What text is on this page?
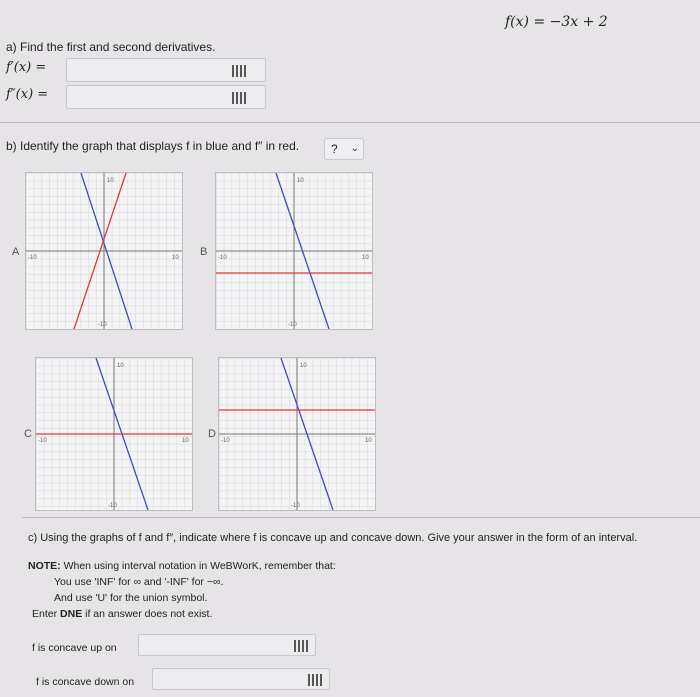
f(x) = −3x + 2
a) Find the first and second derivatives.
f′(x) =
f″(x) =
b) Identify the graph that displays f in blue and f″ in red.	?	⌄
A	B
C	D
10
-10	10
-10
10
-10	10
-10
10
-10	10
-10
10
-10	10
-10
c) Using the graphs of f and f″, indicate where f is concave up and concave down. Give your answer in the form of an interval.
NOTE: When using interval notation in WeBWorK, remember that:
You use 'INF' for ∞ and '-INF' for −∞.
And use 'U' for the union symbol.
Enter DNE if an answer does not exist.
f is concave up on
f is concave down on
